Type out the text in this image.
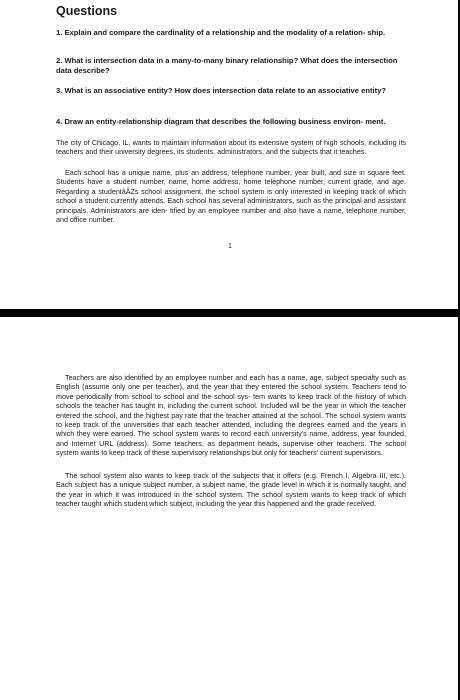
Questions

1. Explain and compare the cardinality of a relationship and the modality of a relation- ship.

2. What is intersection data in a many-to-many binary relationship? What does the intersection data describe?

3. What is an associative entity? How does intersection data relate to an associative entity?

4. Draw an entity-relationship diagram that describes the following business environ- ment.

The city of Chicago, IL, wants to maintain information about its extensive system of high schools, including its teachers and their university degrees, its students, administrators, and the subjects that it teaches.

Each school has a unique name, plus an address, telephone number, year built, and size in square feet. Students have a student number, name, home address, home telephone number, current grade, and age. Regarding a studentâÂZs school assignment, the school system is only interested in keeping track of which school a student currently attends. Each school has several administrators, such as the principal and assistant principals. Administrators are iden- tified by an employee number and also have a name, telephone number, and office number.

1

Teachers are also identified by an employee number and each has a name, age, subject specialty such as English (assume only one per teacher), and the year that they entered the school system. Teachers tend to move periodically from school to school and the school sys- tem wants to keep track of the history of which schools the teacher has taught in, including the current school. Included will be the year in which the teacher entered the school, and the highest pay rate that the teacher attained at the school. The school system wants to keep track of the universities that each teacher attended, including the degrees earned and the years in which they were earned. The school system wants to record each university's name, address, year founded, and Internet URL (address). Some teachers, as department heads, supervise other teachers. The school system wants to keep track of these supervisory relationships but only for teachers' current supervisors.

The school system also wants to keep track of the subjects that it offers (e.g. French I, Algebra III, etc.). Each subject has a unique subject number, a subject name, the grade level in which it is normally taught, and the year in which it was introduced in the school system. The school system wants to keep track of which teacher taught which student which subject, including the year this happened and the grade received.
